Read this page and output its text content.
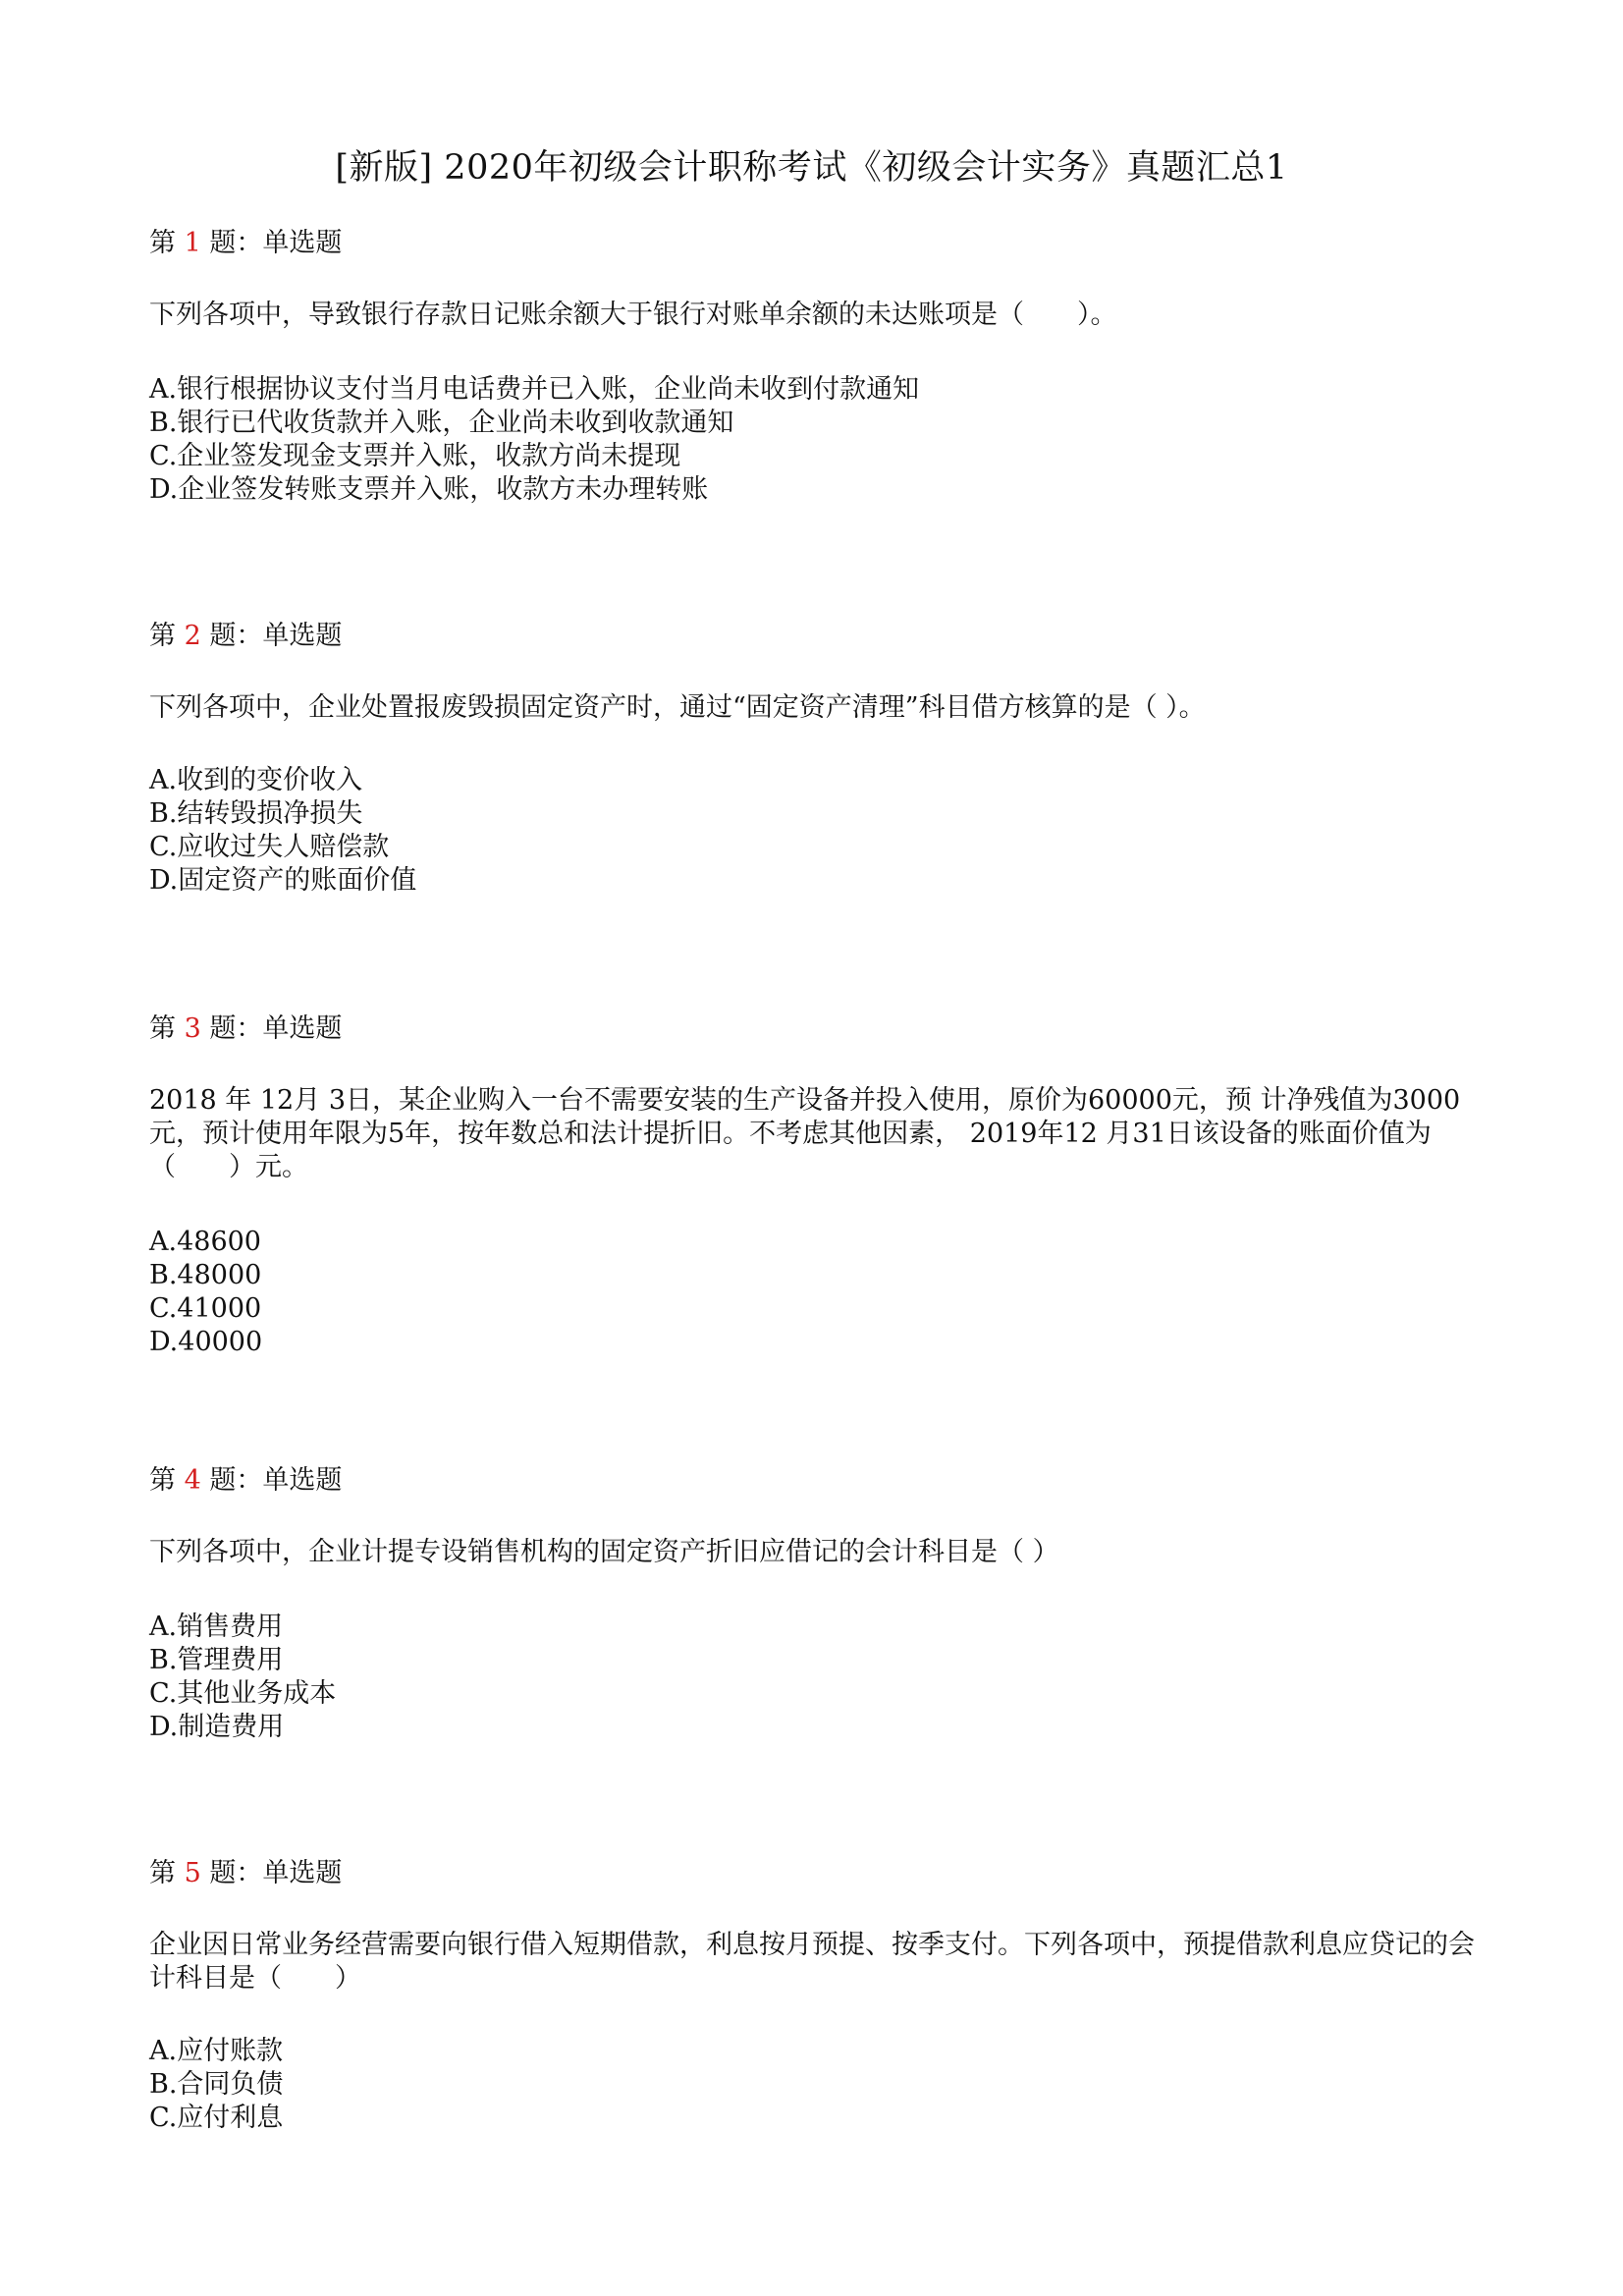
[新版] 2020年初级会计职称考试《初级会计实务》真题汇总1
第 1 题：单选题
下列各项中，导致银行存款日记账余额大于银行对账单余额的未达账项是（　　）。
A.银行根据协议支付当月电话费并已入账，企业尚未收到付款通知
B.银行已代收货款并入账，企业尚未收到收款通知
C.企业签发现金支票并入账，收款方尚未提现
D.企业签发转账支票并入账，收款方未办理转账
第 2 题：单选题
下列各项中，企业处置报废毁损固定资产时，通过“固定资产清理”科目借方核算的是（ ）。
A.收到的变价收入
B.结转毁损净损失
C.应收过失人赔偿款
D.固定资产的账面价值
第 3 题：单选题
2018 年 12月 3日，某企业购入一台不需要安装的生产设备并投入使用，原价为60000元，预 计净残值为3000元，预计使用年限为5年，按年数总和法计提折旧。不考虑其他因素， 2019年12 月31日该设备的账面价值为（　　）元。
A.48600
B.48000
C.41000
D.40000
第 4 题：单选题
下列各项中，企业计提专设销售机构的固定资产折旧应借记的会计科目是（ ）
A.销售费用
B.管理费用
C.其他业务成本
D.制造费用
第 5 题：单选题
企业因日常业务经营需要向银行借入短期借款，利息按月预提、按季支付。下列各项中，预提借款利息应贷记的会计科目是（　　）
A.应付账款
B.合同负债
C.应付利息
